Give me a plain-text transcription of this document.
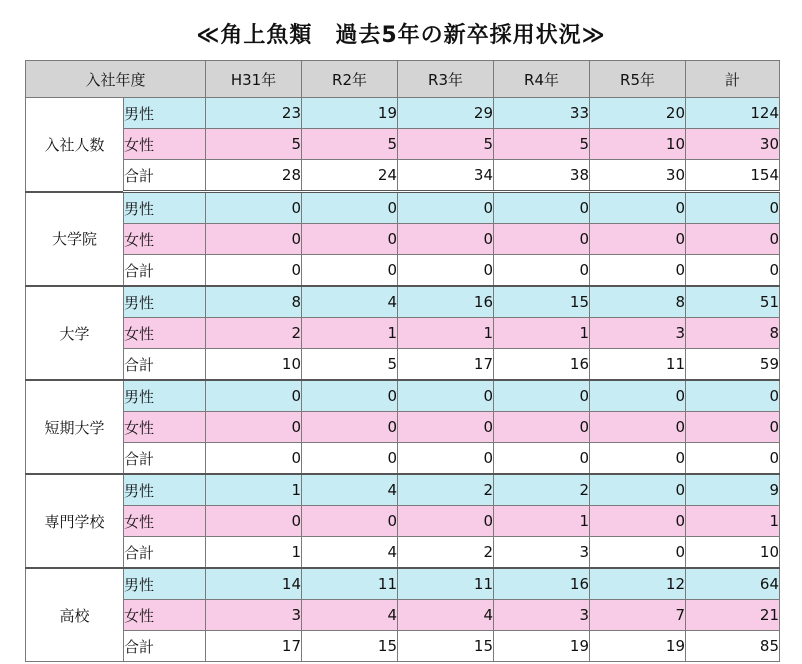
≪角上魚類　過去5年の新卒採用状況≫
入社年度		H31年	R2年	R3年	R4年	R5年	計
入社人数	男性	23	19	29	33	20	124
	女性	5	5	5	5	10	30
	合計	28	24	34	38	30	154
大学院	男性	0	0	0	0	0	0
	女性	0	0	0	0	0	0
	合計	0	0	0	0	0	0
大学	男性	8	4	16	15	8	51
	女性	2	1	1	1	3	8
	合計	10	5	17	16	11	59
短期大学	男性	0	0	0	0	0	0
	女性	0	0	0	0	0	0
	合計	0	0	0	0	0	0
専門学校	男性	1	4	2	2	0	9
	女性	0	0	0	1	0	1
	合計	1	4	2	3	0	10
高校	男性	14	11	11	16	12	64
	女性	3	4	4	3	7	21
	合計	17	15	15	19	19	85
